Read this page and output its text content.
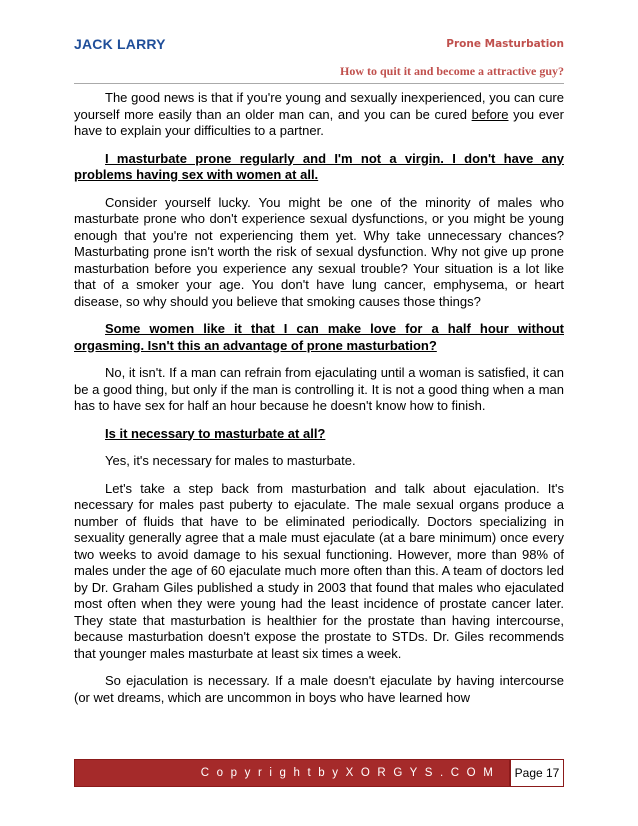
JACK LARRY	Prone Masturbation
How to quit it and become a attractive guy?

The good news is that if you're young and sexually inexperienced, you can cure yourself more easily than an older man can, and you can be cured before you ever have to explain your difficulties to a partner.

I masturbate prone regularly and I'm not a virgin. I don't have any problems having sex with women at all.

Consider yourself lucky. You might be one of the minority of males who masturbate prone who don't experience sexual dysfunctions, or you might be young enough that you're not experiencing them yet. Why take unnecessary chances? Masturbating prone isn't worth the risk of sexual dysfunction. Why not give up prone masturbation before you experience any sexual trouble? Your situation is a lot like that of a smoker your age. You don't have lung cancer, emphysema, or heart disease, so why should you believe that smoking causes those things?

Some women like it that I can make love for a half hour without orgasming. Isn't this an advantage of prone masturbation?

No, it isn't. If a man can refrain from ejaculating until a woman is satisfied, it can be a good thing, but only if the man is controlling it. It is not a good thing when a man has to have sex for half an hour because he doesn't know how to finish.

Is it necessary to masturbate at all?

Yes, it's necessary for males to masturbate.

Let's take a step back from masturbation and talk about ejaculation. It's necessary for males past puberty to ejaculate. The male sexual organs produce a number of fluids that have to be eliminated periodically. Doctors specializing in sexuality generally agree that a male must ejaculate (at a bare minimum) once every two weeks to avoid damage to his sexual functioning. However, more than 98% of males under the age of 60 ejaculate much more often than this. A team of doctors led by Dr. Graham Giles published a study in 2003 that found that males who ejaculated most often when they were young had the least incidence of prostate cancer later. They state that masturbation is healthier for the prostate than having intercourse, because masturbation doesn't expose the prostate to STDs. Dr. Giles recommends that younger males masturbate at least six times a week.

So ejaculation is necessary. If a male doesn't ejaculate by having intercourse (or wet dreams, which are uncommon in boys who have learned how

C o p y r i g h t b y X O R G Y S . C O M	Page 17
